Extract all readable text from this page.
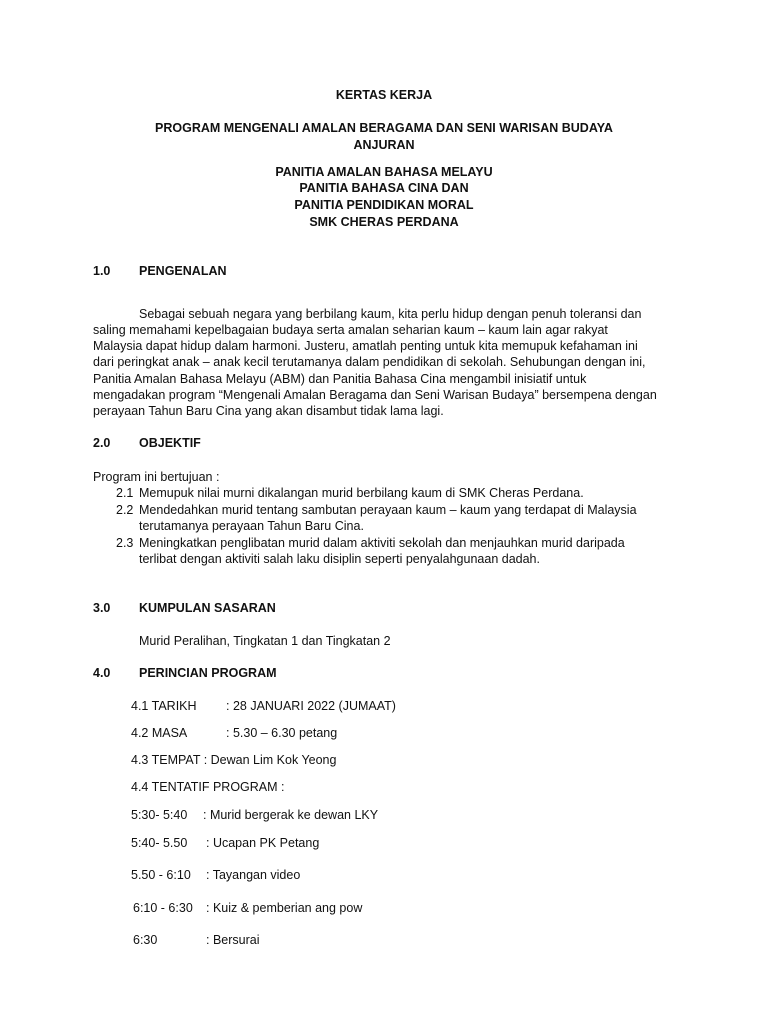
KERTAS KERJA
PROGRAM MENGENALI AMALAN BERAGAMA DAN SENI WARISAN BUDAYA
ANJURAN
PANITIA AMALAN BAHASA MELAYU
PANITIA BAHASA CINA DAN
PANITIA PENDIDIKAN MORAL
SMK CHERAS PERDANA
1.0 PENGENALAN
Sebagai sebuah negara yang berbilang kaum, kita perlu hidup dengan penuh toleransi dan
saling memahami kepelbagaian budaya serta amalan seharian kaum – kaum lain agar rakyat
Malaysia dapat hidup dalam harmoni. Justeru, amatlah penting untuk kita memupuk kefahaman ini
dari peringkat anak – anak kecil terutamanya dalam pendidikan di sekolah. Sehubungan dengan ini,
Panitia Amalan Bahasa Melayu (ABM) dan Panitia Bahasa Cina mengambil inisiatif untuk
mengadakan program “Mengenali Amalan Beragama dan Seni Warisan Budaya” bersempena dengan
perayaan Tahun Baru Cina yang akan disambut tidak lama lagi.
2.0 OBJEKTIF
Program ini bertujuan :
2.1 Memupuk nilai murni dikalangan murid berbilang kaum di SMK Cheras Perdana.
2.2 Mendedahkan murid tentang sambutan perayaan kaum – kaum yang terdapat di Malaysia
terutamanya perayaan Tahun Baru Cina.
2.3 Meningkatkan penglibatan murid dalam aktiviti sekolah dan menjauhkan murid daripada
terlibat dengan aktiviti salah laku disiplin seperti penyalahgunaan dadah.
3.0 KUMPULAN SASARAN
Murid Peralihan, Tingkatan 1 dan Tingkatan 2
4.0 PERINCIAN PROGRAM
4.1 TARIKH : 28 JANUARI 2022 (JUMAAT)
4.2 MASA	: 5.30 – 6.30 petang
4.3 TEMPAT : Dewan Lim Kok Yeong
4.4 TENTATIF PROGRAM :
5:30- 5:40 : Murid bergerak ke dewan LKY
5:40- 5.50 : Ucapan PK Petang
5.50 - 6:10 : Tayangan video
6:10 - 6:30 : Kuiz & pemberian ang pow
6:30	: Bersurai
